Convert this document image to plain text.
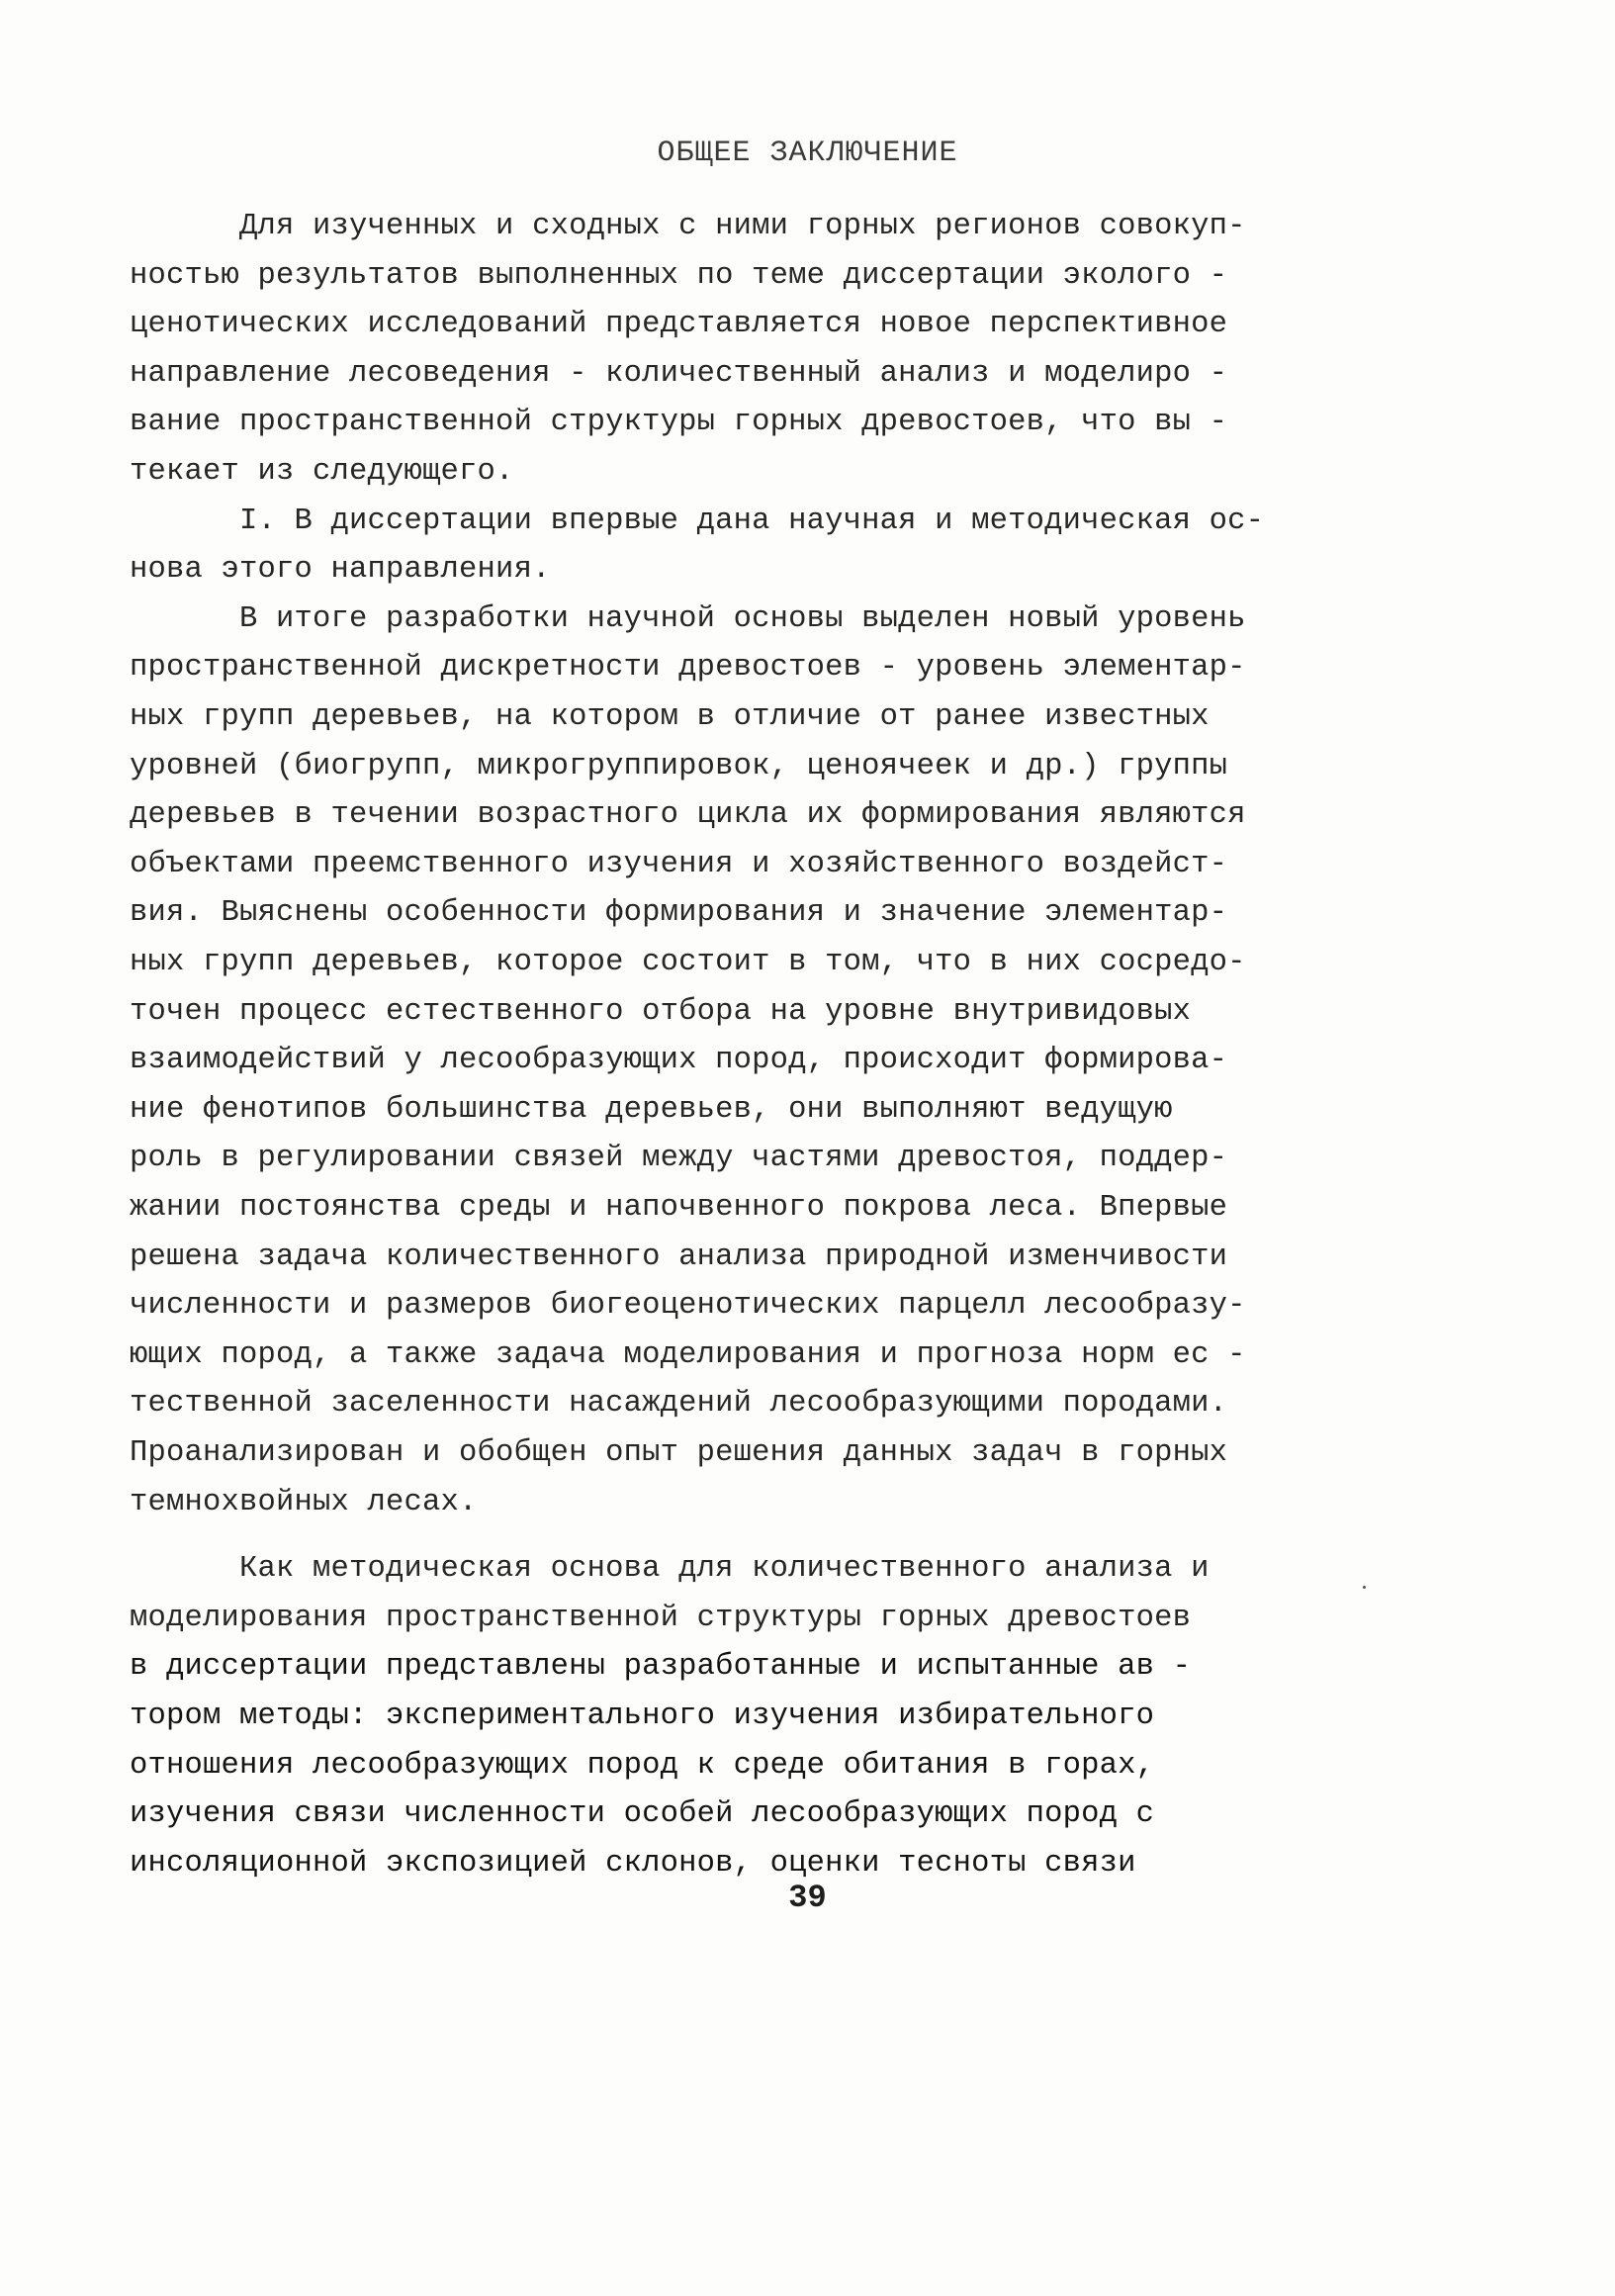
ОБЩЕЕ ЗАКЛЮЧЕНИЕ
Для изученных и сходных с ними горных регионов совокуп-
ностью результатов выполненных по теме диссертации эколого -
ценотических исследований представляется новое перспективное
направление лесоведения - количественный анализ и моделиро -
вание пространственной структуры горных древостоев, что вы -
текает из следующего.
I. В диссертации впервые дана научная и методическая ос-
нова этого направления.
В итоге разработки научной основы выделен новый уровень
пространственной дискретности древостоев - уровень элементар-
ных групп деревьев, на котором в отличие от ранее известных
уровней (биогрупп, микрогруппировок, ценоячеек и др.) группы
деревьев в течении возрастного цикла их формирования являются
объектами преемственного изучения и хозяйственного воздейст-
вия. Выяснены особенности формирования и значение элементар-
ных групп деревьев, которое состоит в том, что в них сосредо-
точен процесс естественного отбора на уровне внутривидовых
взаимодействий у лесообразующих пород, происходит формирова-
ние фенотипов большинства деревьев, они выполняют ведущую
роль в регулировании связей между частями древостоя, поддер-
жании постоянства среды и напочвенного покрова леса. Впервые
решена задача количественного анализа природной изменчивости
численности и размеров биогеоценотических парцелл лесообразу-
ющих пород, а также задача моделирования и прогноза норм ес -
тественной заселенности насаждений лесообразующими породами.
Проанализирован и обобщен опыт решения данных задач в горных
темнохвойных лесах.
Как методическая основа для количественного анализа и
моделирования пространственной структуры горных древостоев
в диссертации представлены разработанные и испытанные ав -
тором методы: экспериментального изучения избирательного
отношения лесообразующих пород к среде обитания в горах,
изучения связи численности особей лесообразующих пород с
инсоляционной экспозицией склонов, оценки тесноты связи
39
